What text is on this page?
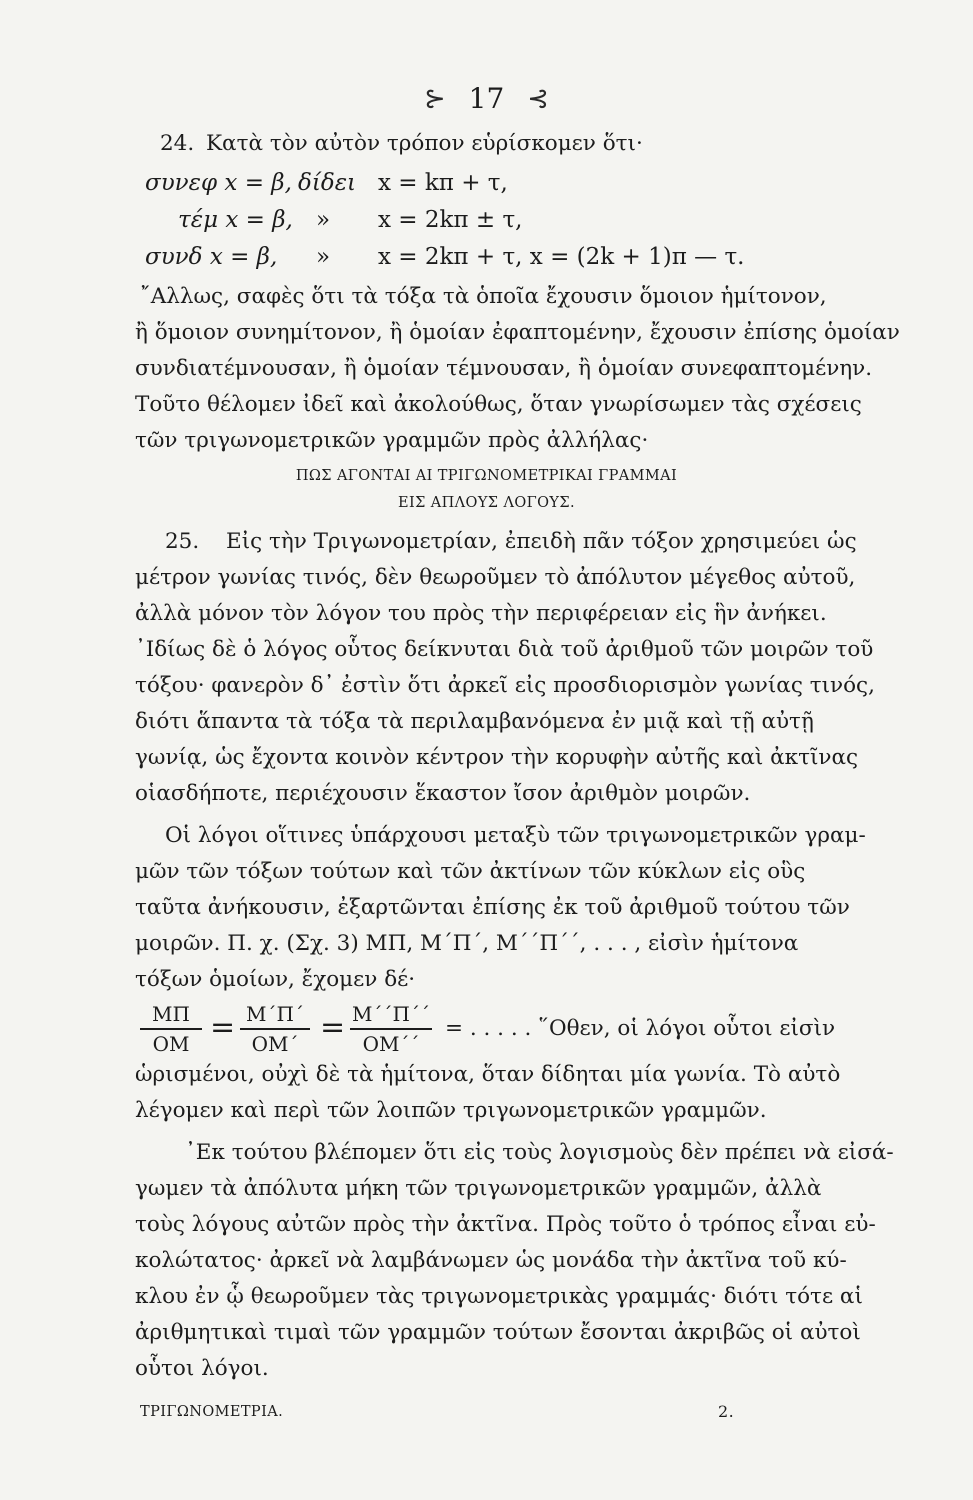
⊱ 17 ⊰
24. Κατὰ τὸν αὐτὸν τρόπον εὑρίσκομεν ὅτι·
συνεφ x = β, δίδει x = kπ + τ,
τέμ x = β, » x = 2kπ ± τ,
συνδ x = β, » x = 2kπ + τ, x = (2k + 1)π — τ.
῎Αλλως, σαφὲς ὅτι τὰ τόξα τὰ ὁποῖα ἔχουσιν ὅμοιον ἡμίτονον,
ἢ ὅμοιον συνημίτονον, ἢ ὁμοίαν ἐφαπτομένην, ἔχουσιν ἐπίσης ὁμοίαν
συνδιατέμνουσαν, ἢ ὁμοίαν τέμνουσαν, ἢ ὁμοίαν συνεφαπτομένην.
Τοῦτο θέλομεν ἰδεῖ καὶ ἀκολούθως, ὅταν γνωρίσωμεν τὰς σχέσεις
τῶν τριγωνομετρικῶν γραμμῶν πρὸς ἀλλήλας·
ΠΩΣ ΑΓΟΝΤΑΙ ΑΙ ΤΡΙΓΩΝΟΜΕΤΡΙΚΑΙ ΓΡΑΜΜΑΙ
ΕΙΣ ΑΠΛΟΥΣ ΛΟΓΟΥΣ.
25. Εἰς τὴν Τριγωνομετρίαν, ἐπειδὴ πᾶν τόξον χρησιμεύει ὡς
μέτρον γωνίας τινός, δὲν θεωροῦμεν τὸ ἀπόλυτον μέγεθος αὐτοῦ,
ἀλλὰ μόνον τὸν λόγον του πρὸς τὴν περιφέρειαν εἰς ἣν ἀνήκει.
᾿Ιδίως δὲ ὁ λόγος οὗτος δείκνυται διὰ τοῦ ἀριθμοῦ τῶν μοιρῶν τοῦ
τόξου· φανερὸν δ᾿ ἐστὶν ὅτι ἀρκεῖ εἰς προσδιορισμὸν γωνίας τινός,
διότι ἅπαντα τὰ τόξα τὰ περιλαμβανόμενα ἐν μιᾷ καὶ τῇ αὐτῇ
γωνίᾳ, ὡς ἔχοντα κοινὸν κέντρον τὴν κορυφὴν αὐτῆς καὶ ἀκτῖνας
οἱασδήποτε, περιέχουσιν ἕκαστον ἴσον ἀριθμὸν μοιρῶν.
Οἱ λόγοι οἵτινες ὑπάρχουσι μεταξὺ τῶν τριγωνομετρικῶν γραμ-
μῶν τῶν τόξων τούτων καὶ τῶν ἀκτίνων τῶν κύκλων εἰς οὓς
ταῦτα ἀνήκουσιν, ἐξαρτῶνται ἐπίσης ἐκ τοῦ ἀριθμοῦ τούτου τῶν
μοιρῶν. Π. χ. (Σχ. 3) ΜΠ, Μ΄Π΄, Μ΄΄Π΄΄, . . . , εἰσὶν ἡμίτονα
τόξων ὁμοίων, ἔχομεν δέ·
ΜΠ
ΟΜ = Μ΄Π΄
ΟΜ΄ = Μ΄΄Π΄΄
ΟΜ΄΄
= . . . . . ῞Οθεν, οἱ λόγοι οὗτοι εἰσὶν
ὡρισμένοι, οὐχὶ δὲ τὰ ἡμίτονα, ὅταν δίδηται μία γωνία. Τὸ αὐτὸ
λέγομεν καὶ περὶ τῶν λοιπῶν τριγωνομετρικῶν γραμμῶν.
᾿Εκ τούτου βλέπομεν ὅτι εἰς τοὺς λογισμοὺς δὲν πρέπει νὰ εἰσά-
γωμεν τὰ ἀπόλυτα μήκη τῶν τριγωνομετρικῶν γραμμῶν, ἀλλὰ
τοὺς λόγους αὐτῶν πρὸς τὴν ἀκτῖνα. Πρὸς τοῦτο ὁ τρόπος εἶναι εὐ-
κολώτατος· ἀρκεῖ νὰ λαμβάνωμεν ὡς μονάδα τὴν ἀκτῖνα τοῦ κύ-
κλου ἐν ᾧ θεωροῦμεν τὰς τριγωνομετρικὰς γραμμάς· διότι τότε αἱ
ἀριθμητικαὶ τιμαὶ τῶν γραμμῶν τούτων ἔσονται ἀκριβῶς οἱ αὐτοὶ
οὗτοι λόγοι.
ΤΡΙΓΩΝΟΜΕΤΡΙΑ.	2.
